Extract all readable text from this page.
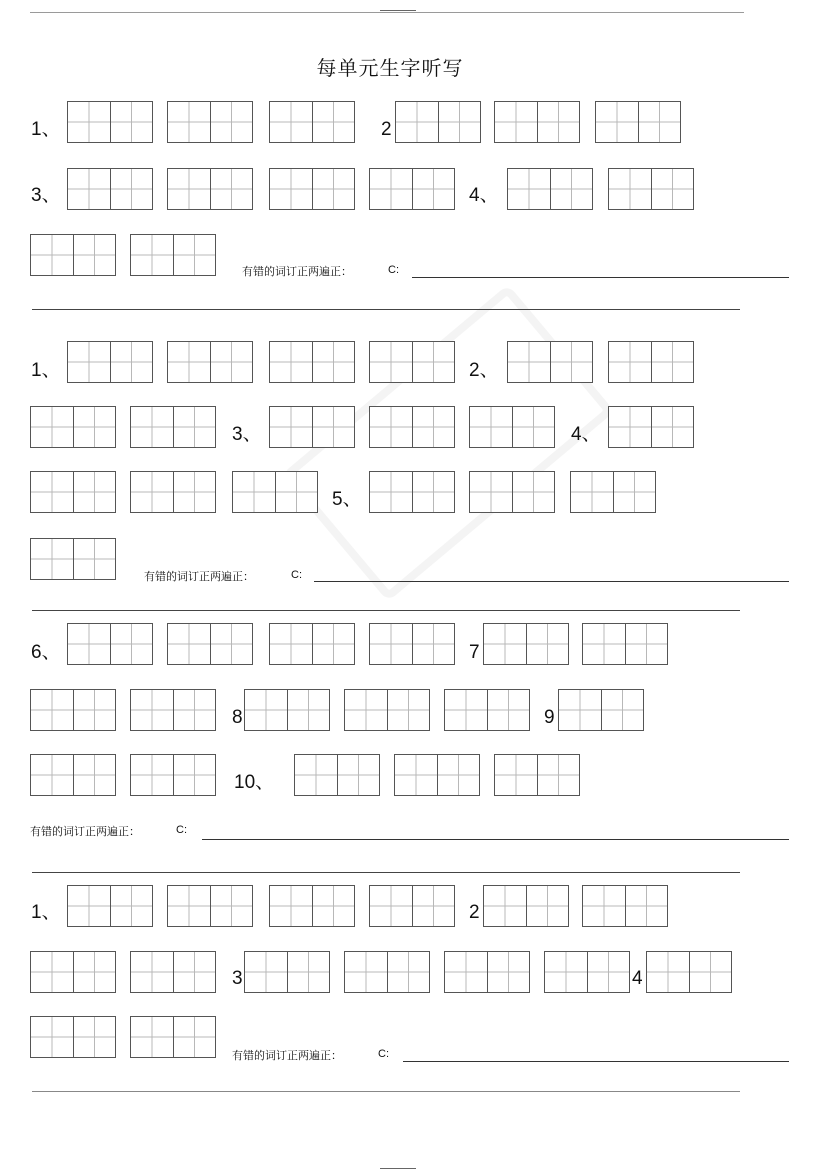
每单元生字听写
1、	2
3、	4、
有错的词订正两遍正：	C:
1、	2、
3、	4、
5、
有错的词订正两遍正：	C:
6、	7
8	9
10、
有错的词订正两遍正：	C:
1、	2
3	4
有错的词订正两遍正：	C:
